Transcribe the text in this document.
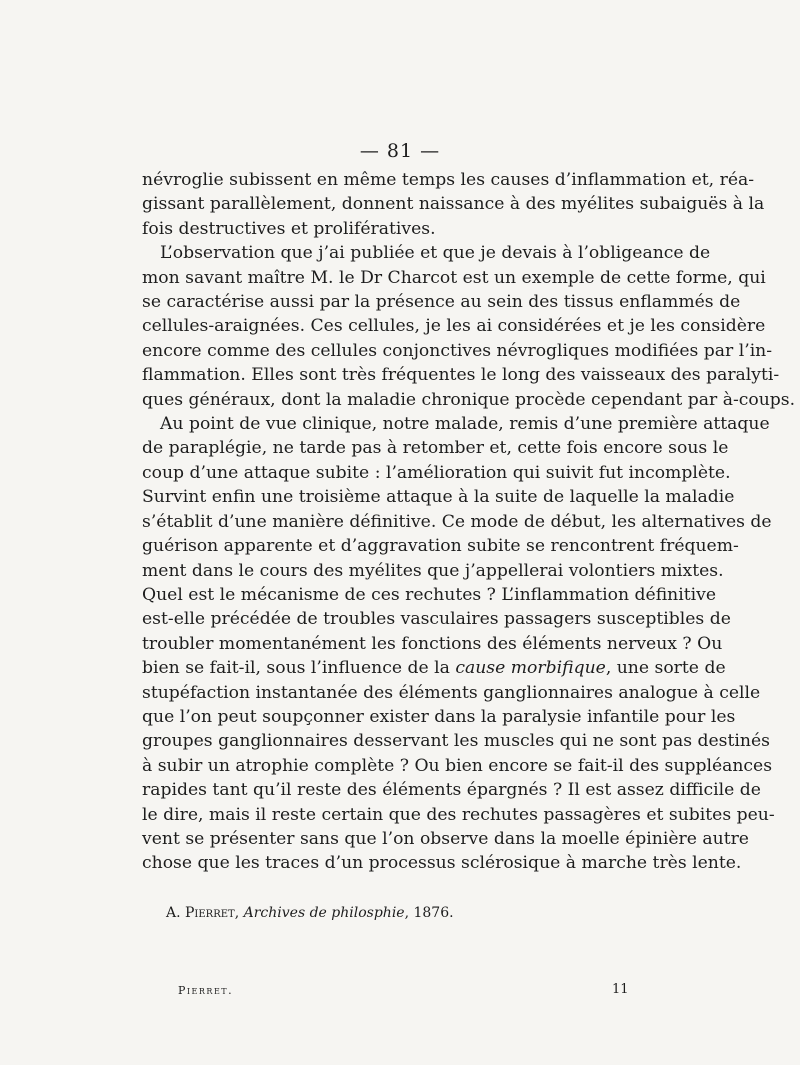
— 81 —
névroglie subissent en même temps les causes d’inflammation et, réa-
gissant parallèlement, donnent naissance à des myélites subaiguës à la
fois destructives et prolifératives.
L’observation que j’ai publiée et que je devais à l’obligeance de
mon savant maître M. le Dr Charcot est un exemple de cette forme, qui
se caractérise aussi par la présence au sein des tissus enflammés de
cellules-araignées. Ces cellules, je les ai considérées et je les considère
encore comme des cellules conjonctives névrogliques modifiées par l’in-
flammation. Elles sont très fréquentes le long des vaisseaux des paralyti-
ques généraux, dont la maladie chronique procède cependant par à-coups.
Au point de vue clinique, notre malade, remis d’une première attaque
de paraplégie, ne tarde pas à retomber et, cette fois encore sous le
coup d’une attaque subite : l’amélioration qui suivit fut incomplète.
Survint enfin une troisième attaque à la suite de laquelle la maladie
s’établit d’une manière définitive. Ce mode de début, les alternatives de
guérison apparente et d’aggravation subite se rencontrent fréquem-
ment dans le cours des myélites que j’appellerai volontiers mixtes.
Quel est le mécanisme de ces rechutes ? L’inflammation définitive
est-elle précédée de troubles vasculaires passagers susceptibles de
troubler momentanément les fonctions des éléments nerveux ? Ou
bien se fait-il, sous l’influence de la cause morbifique, une sorte de
stupéfaction instantanée des éléments ganglionnaires analogue à celle
que l’on peut soupçonner exister dans la paralysie infantile pour les
groupes ganglionnaires desservant les muscles qui ne sont pas destinés
à subir un atrophie complète ? Ou bien encore se fait-il des suppléances
rapides tant qu’il reste des éléments épargnés ? Il est assez difficile de
le dire, mais il reste certain que des rechutes passagères et subites peu-
vent se présenter sans que l’on observe dans la moelle épinière autre
chose que les traces d’un processus sclérosique à marche très lente.
A. Pierret, Archives de philosphie, 1876.
Pierret.	11
